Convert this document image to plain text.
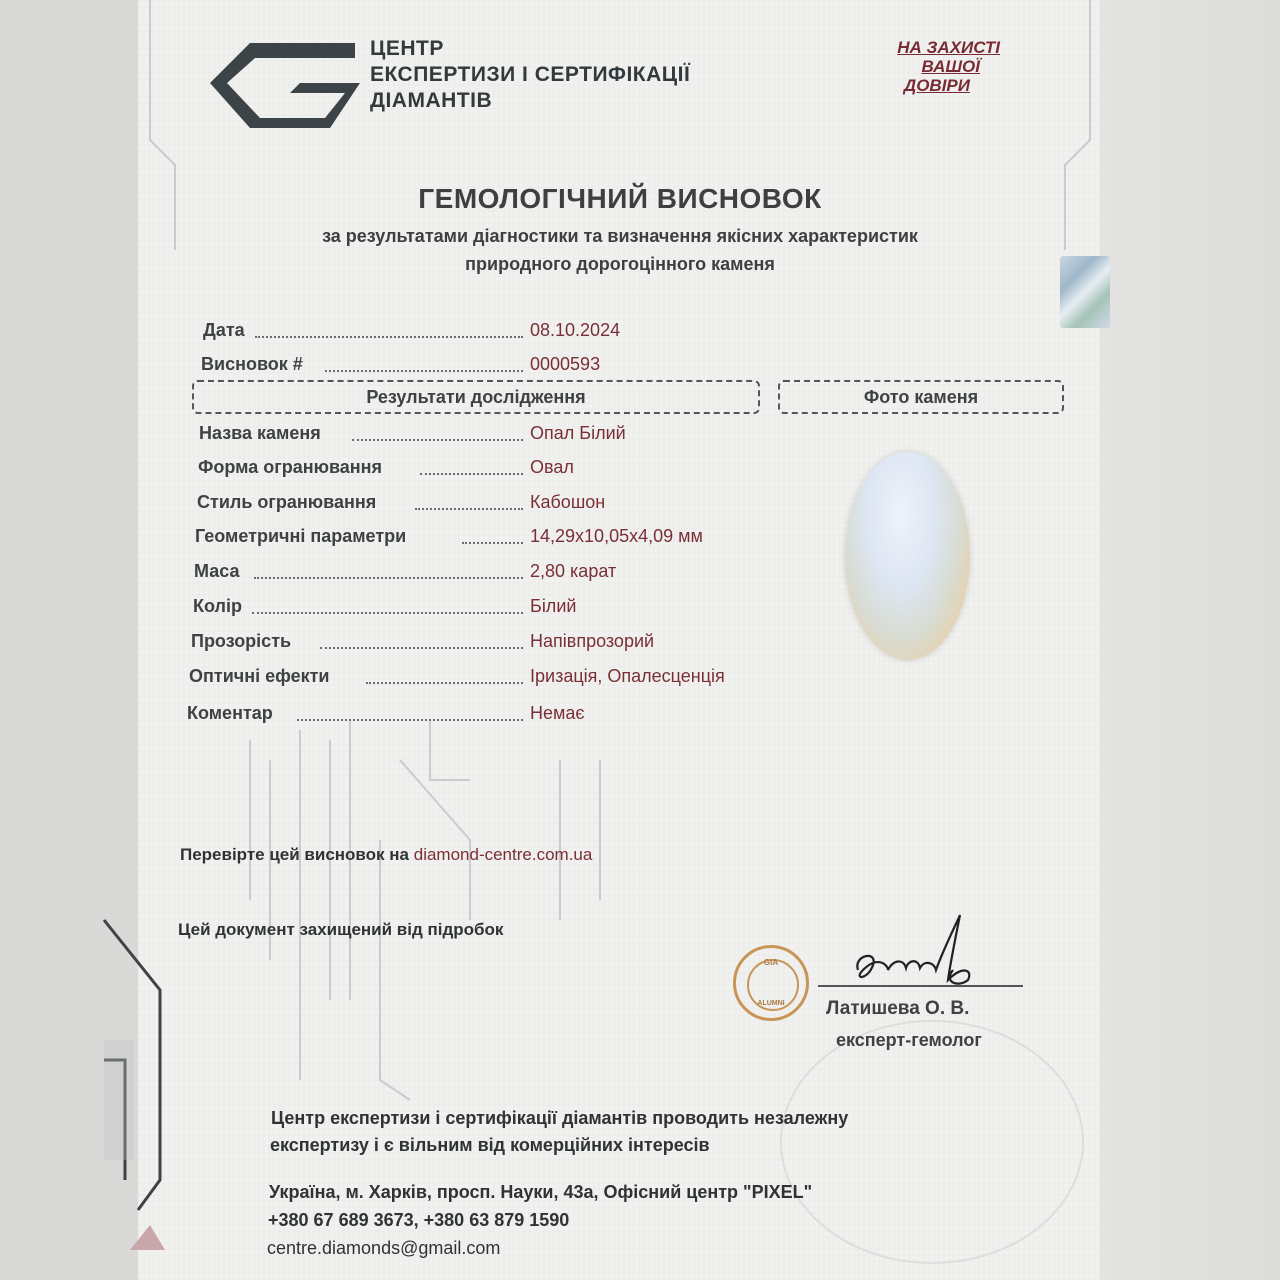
ЦЕНТР
ЕКСПЕРТИЗИ І СЕРТИФІКАЦІЇ
ДІАМАНТІВ
НА ЗАХИСТІ
ВАШОЇ
ДОВІРИ
ГЕМОЛОГІЧНИЙ ВИСНОВОК
за результатами діагностики та визначення якісних характеристик
природного дорогоцінного каменя
Дата	08.10.2024
Висновок #	0000593
Результати дослідження	Фото каменя
Назва каменя	Опал Білий
Форма огранювання	Овал
Стиль огранювання	Кабошон
Геометричні параметри	14,29x10,05x4,09 мм
Маса	2,80 карат
Колір	Білий
Прозорість	Напівпрозорий
Оптичні ефекти	Іризація, Опалесценція
Коментар	Немає
Перевірте цей висновок на diamond-centre.com.ua
Цей документ захищений від підробок
GIA
ALUMNI	Латишева О. В.
експерт-гемолог
Центр експертизи і сертифікації діамантів проводить незалежну
експертизу і є вільним від комерційних інтересів
Україна, м. Харків, просп. Науки, 43а, Офісний центр "PIXEL"
+380 67 689 3673, +380 63 879 1590
centre.diamonds@gmail.com
